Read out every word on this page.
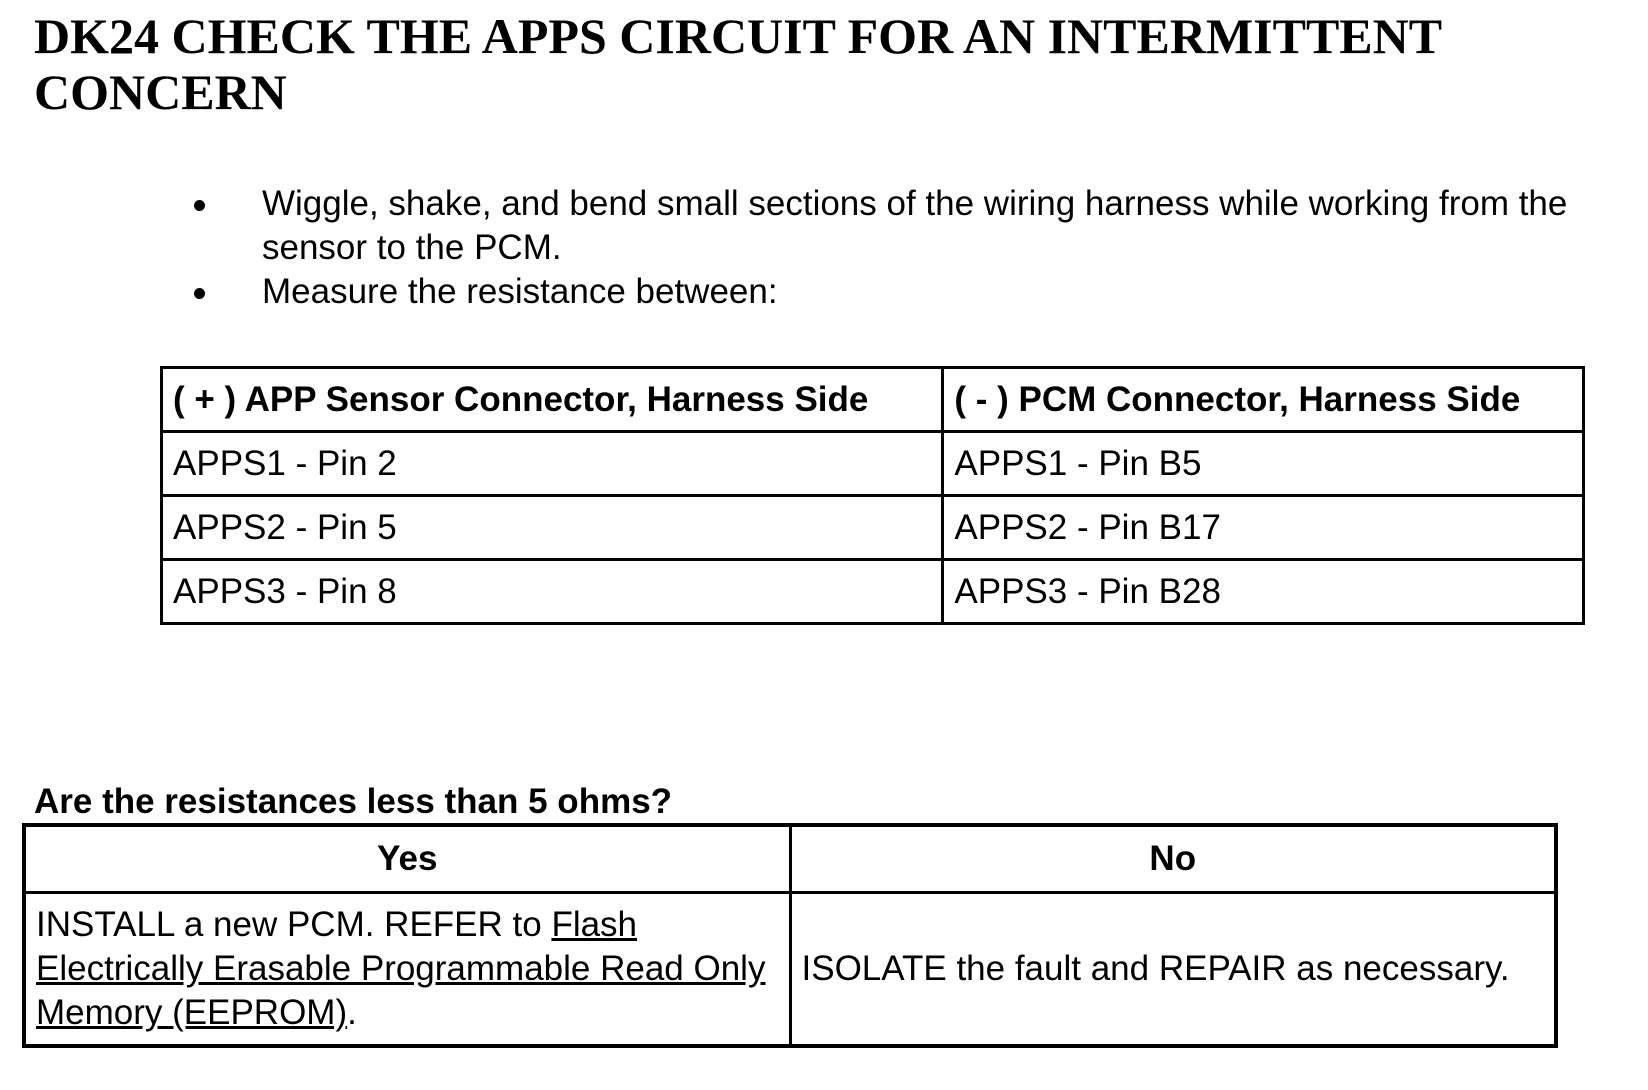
DK24 CHECK THE APPS CIRCUIT FOR AN INTERMITTENT CONCERN
Wiggle, shake, and bend small sections of the wiring harness while working from the sensor to the PCM.
Measure the resistance between:
( + ) APP Sensor Connector, Harness Side	( - ) PCM Connector, Harness Side
APPS1 - Pin 2	APPS1 - Pin B5
APPS2 - Pin 5	APPS2 - Pin B17
APPS3 - Pin 8	APPS3 - Pin B28

Are the resistances less than 5 ohms?

Yes	No
INSTALL a new PCM. REFER to Flash Electrically Erasable Programmable Read Only Memory (EEPROM).	ISOLATE the fault and REPAIR as necessary.
